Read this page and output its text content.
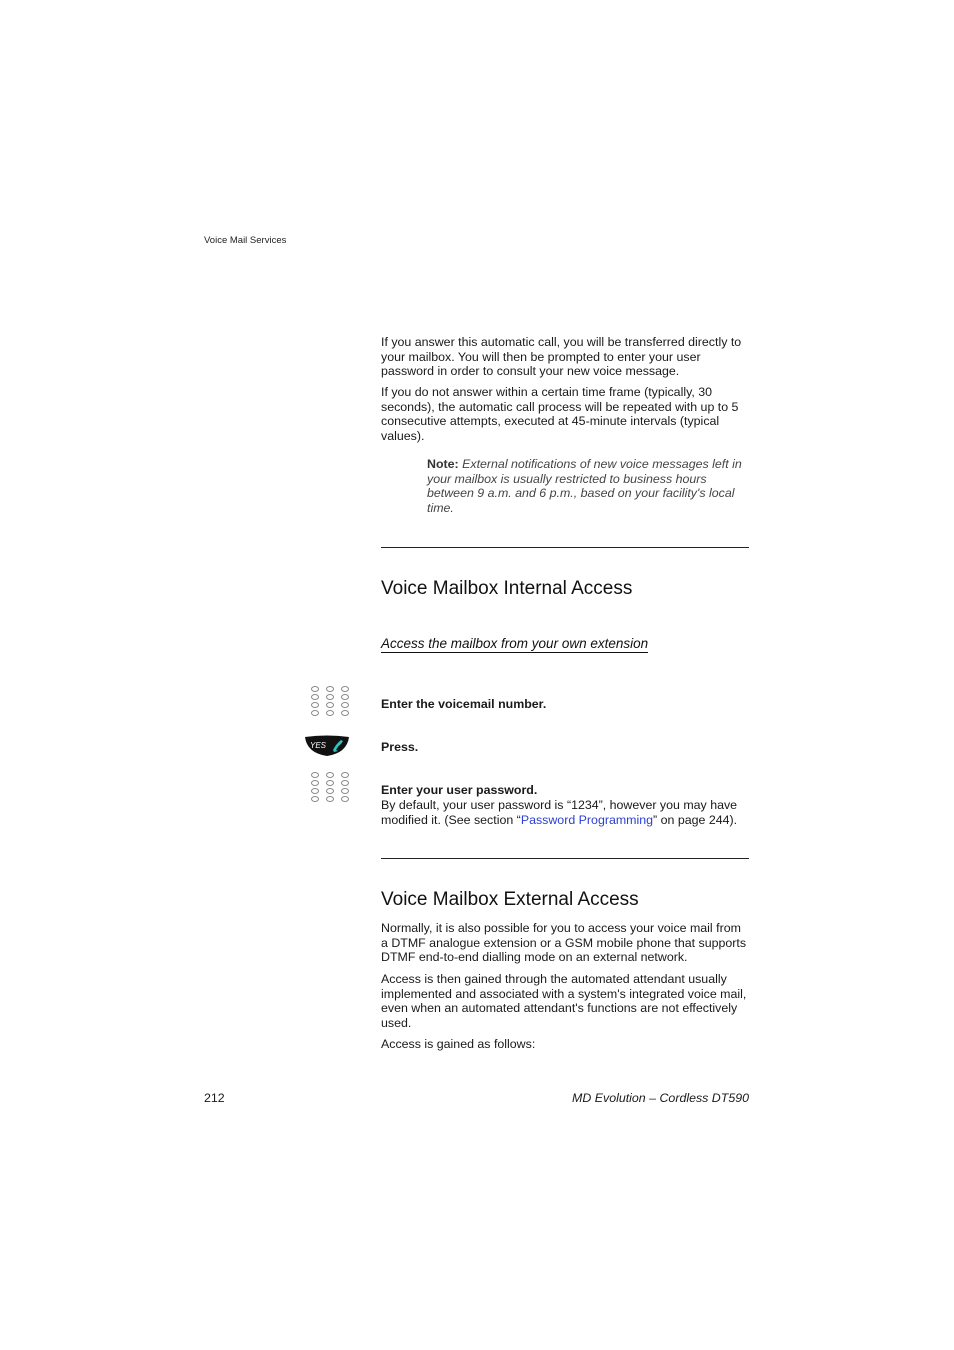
Voice Mail Services

If you answer this automatic call, you will be transferred directly to your mailbox. You will then be prompted to enter your user password in order to consult your new voice message.

If you do not answer within a certain time frame (typically, 30 seconds), the automatic call process will be repeated with up to 5 consecutive attempts, executed at 45-minute intervals (typical values).

Note: External notifications of new voice messages left in your mailbox is usually restricted to business hours between 9 a.m. and 6 p.m., based on your facility's local time.

Voice Mailbox Internal Access
Access the mailbox from your own extension
Enter the voicemail number.
YES	Press.
Enter your user password.

By default, your user password is “1234”, however you may have modified it. (See section “Password Programming” on page 244).

Voice Mailbox External Access

Normally, it is also possible for you to access your voice mail from a DTMF analogue extension or a GSM mobile phone that supports DTMF end-to-end dialling mode on an external network.

Access is then gained through the automated attendant usually implemented and associated with a system's integrated voice mail, even when an automated attendant's functions are not effectively used.

Access is gained as follows:

212	MD Evolution – Cordless DT590
